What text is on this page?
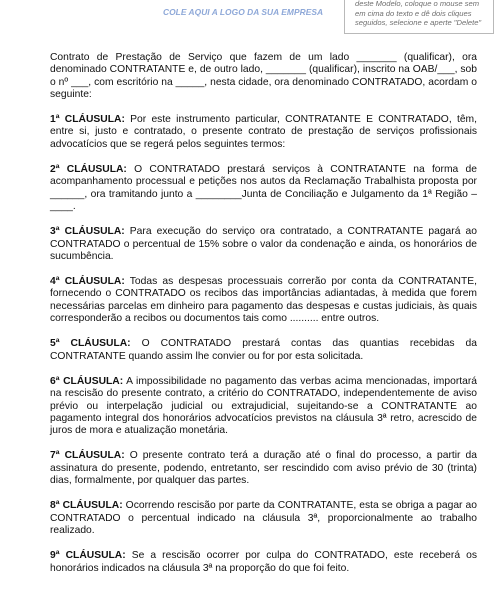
COLE AQUI A LOGO DA SUA EMPRESA
deste Modelo, coloque o mouse sem em cima do texto e dê dois cliques seguidos, selecione e aperte "Delete"

Contrato de Prestação de Serviço que fazem de um lado _______ (qualificar), ora denominado CONTRATANTE e, de outro lado, _______ (qualificar), inscrito na OAB/___, sob o nº ___, com escritório na _____, nesta cidade, ora denominado CONTRATADO, acordam o seguinte:

1ª CLÁUSULA: Por este instrumento particular, CONTRATANTE E CONTRATADO, têm, entre si, justo e contratado, o presente contrato de prestação de serviços profissionais advocatícios que se regerá pelos seguintes termos:

2ª CLÁUSULA: O CONTRATADO prestará serviços à CONTRATANTE na forma de acompanhamento processual e petições nos autos da Reclamação Trabalhista proposta por ______, ora tramitando junto a ________Junta de Conciliação e Julgamento da 1ª Região – ____.

3ª CLÁUSULA: Para execução do serviço ora contratado, a CONTRATANTE pagará ao CONTRATADO o percentual de 15% sobre o valor da condenação e ainda, os honorários de sucumbência.

4ª CLÁUSULA: Todas as despesas processuais correrão por conta da CONTRATANTE, fornecendo o CONTRATADO os recibos das importâncias adiantadas, à medida que forem necessárias parcelas em dinheiro para pagamento das despesas e custas judiciais, às quais corresponderão a recibos ou documentos tais como .......... entre outros.

5ª CLÁUSULA: O CONTRATADO prestará contas das quantias recebidas da CONTRATANTE quando assim lhe convier ou for por esta solicitada.

6ª CLÁUSULA: A impossibilidade no pagamento das verbas acima mencionadas, importará na rescisão do presente contrato, a critério do CONTRATADO, independentemente de aviso prévio ou interpelação judicial ou extrajudicial, sujeitando-se a CONTRATANTE ao pagamento integral dos honorários advocatícios previstos na cláusula 3ª retro, acrescido de juros de mora e atualização monetária.

7ª CLÁUSULA: O presente contrato terá a duração até o final do processo, a partir da assinatura do presente, podendo, entretanto, ser rescindido com aviso prévio de 30 (trinta) dias, formalmente, por qualquer das partes.

8ª CLÁUSULA: Ocorrendo rescisão por parte da CONTRATANTE, esta se obriga a pagar ao CONTRATADO o percentual indicado na cláusula 3ª, proporcionalmente ao trabalho realizado.

9ª CLÁUSULA: Se a rescisão ocorrer por culpa do CONTRATADO, este receberá os honorários indicados na cláusula 3ª na proporção do que foi feito.
